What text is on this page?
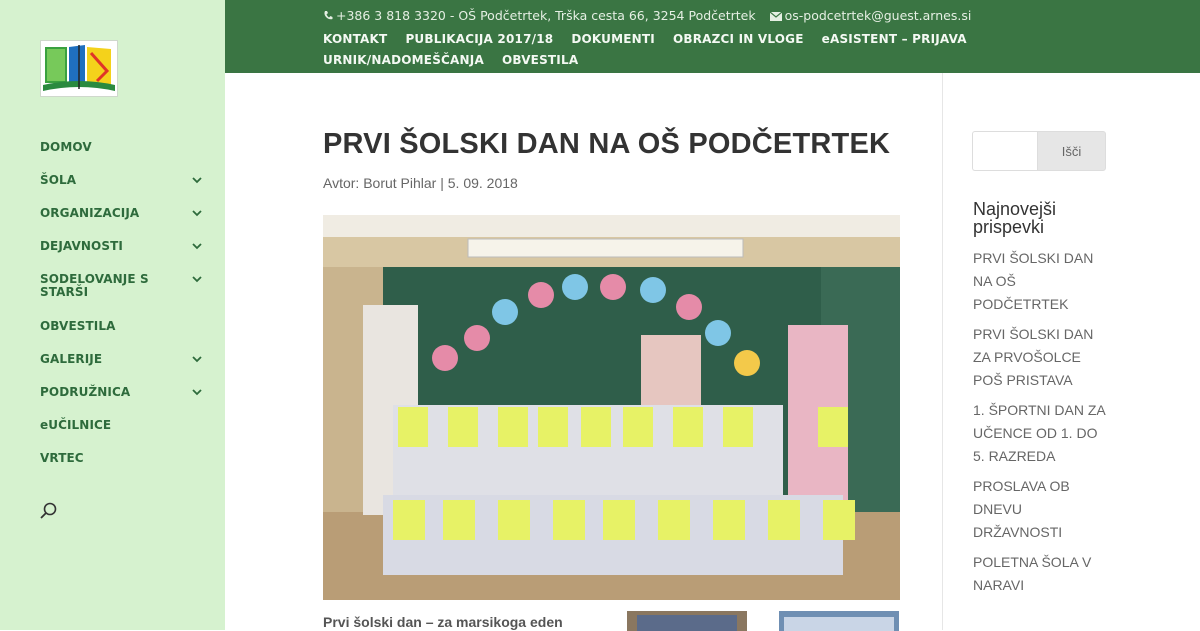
DOMOV
ŠOLA
ORGANIZACIJA
DEJAVNOSTI
SODELOVANJE S STARŠI
OBVESTILA
GALERIJE
PODRUŽNICA
eUČILNICE
VRTEC
+386 3 818 3320 - OŠ Podčetrtek, Trška cesta 66, 3254 Podčetrtek os-podcetrtek@guest.arnes.si
KONTAKT PUBLIKACIJA 2017/18 DOKUMENTI OBRAZCI IN VLOGE eASISTENT – PRIJAVAURNIK/NADOMEŠČANJA OBVESTILA
PRVI ŠOLSKI DAN NA OŠ PODČETRTEK
Avtor: Borut Pihlar | 5. 09. 2018
Prvi šolski dan – za marsikoga eden
Išči
Najnovejši prispevki
PRVI ŠOLSKI DAN NA OŠ PODČETRTEK
PRVI ŠOLSKI DAN ZA PRVOŠOLCE POŠ PRISTAVA
1. ŠPORTNI DAN ZA UČENCE OD 1. DO 5. RAZREDA
PROSLAVA OB DNEVU DRŽAVNOSTI
POLETNA ŠOLA V NARAVI
